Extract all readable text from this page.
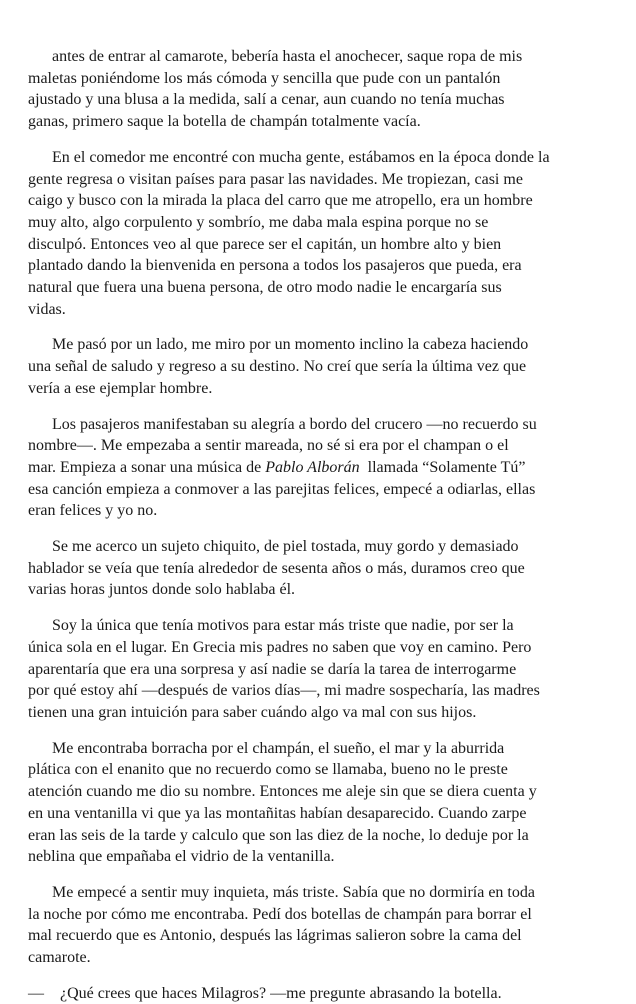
antes de entrar al camarote, bebería hasta el anochecer, saque ropa de mis
maletas poniéndome los más cómoda y sencilla que pude con un pantalón
ajustado y una blusa a la medida, salí a cenar, aun cuando no tenía muchas
ganas, primero saque la botella de champán totalmente vacía.

En el comedor me encontré con mucha gente, estábamos en la época donde la
gente regresa o visitan países para pasar las navidades. Me tropiezan, casi me
caigo y busco con la mirada la placa del carro que me atropello, era un hombre
muy alto, algo corpulento y sombrío, me daba mala espina porque no se
disculpó. Entonces veo al que parece ser el capitán, un hombre alto y bien
plantado dando la bienvenida en persona a todos los pasajeros que pueda, era
natural que fuera una buena persona, de otro modo nadie le encargaría sus
vidas.

Me pasó por un lado, me miro por un momento inclino la cabeza haciendo
una señal de saludo y regreso a su destino. No creí que sería la última vez que
vería a ese ejemplar hombre.

Los pasajeros manifestaban su alegría a bordo del crucero —no recuerdo su
nombre—. Me empezaba a sentir mareada, no sé si era por el champan o el
mar. Empieza a sonar una música de Pablo Alborán  llamada “Solamente Tú”
esa canción empieza a conmover a las parejitas felices, empecé a odiarlas, ellas
eran felices y yo no.

Se me acerco un sujeto chiquito, de piel tostada, muy gordo y demasiado
hablador se veía que tenía alrededor de sesenta años o más, duramos creo que
varias horas juntos donde solo hablaba él.

Soy la única que tenía motivos para estar más triste que nadie, por ser la
única sola en el lugar. En Grecia mis padres no saben que voy en camino. Pero
aparentaría que era una sorpresa y así nadie se daría la tarea de interrogarme
por qué estoy ahí —después de varios días—, mi madre sospecharía, las madres
tienen una gran intuición para saber cuándo algo va mal con sus hijos.

Me encontraba borracha por el champán, el sueño, el mar y la aburrida
plática con el enanito que no recuerdo como se llamaba, bueno no le preste
atención cuando me dio su nombre. Entonces me aleje sin que se diera cuenta y
en una ventanilla vi que ya las montañitas habían desaparecido. Cuando zarpe
eran las seis de la tarde y calculo que son las diez de la noche, lo deduje por la
neblina que empañaba el vidrio de la ventanilla.

Me empecé a sentir muy inquieta, más triste. Sabía que no dormiría en toda
la noche por cómo me encontraba. Pedí dos botellas de champán para borrar el
mal recuerdo que es Antonio, después las lágrimas salieron sobre la cama del
camarote.

—    ¿Qué crees que haces Milagros? —me pregunte abrasando la botella.
